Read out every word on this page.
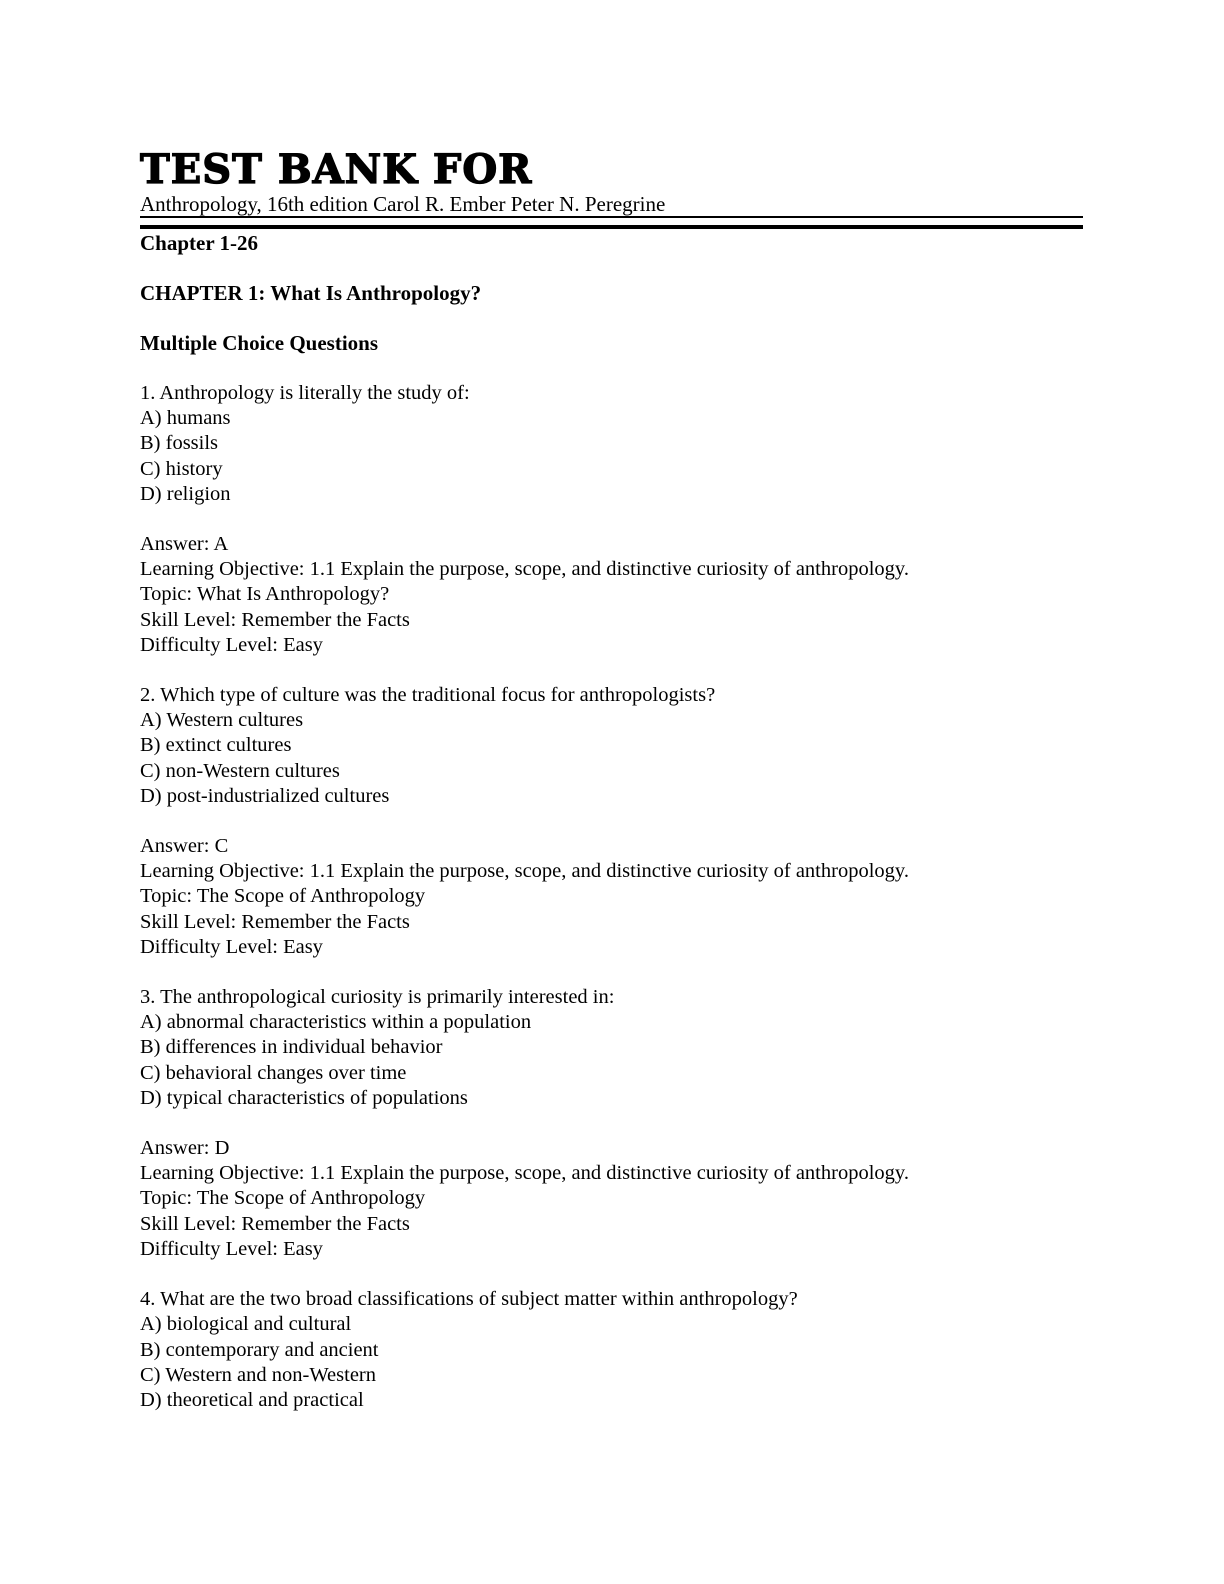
TEST BANK FOR
Anthropology, 16th edition Carol R. Ember Peter N. Peregrine
Chapter 1-26
CHAPTER 1: What Is Anthropology?
Multiple Choice Questions
1. Anthropology is literally the study of:
A) humans
B) fossils
C) history
D) religion
Answer: A
Learning Objective: 1.1 Explain the purpose, scope, and distinctive curiosity of anthropology.
Topic: What Is Anthropology?
Skill Level: Remember the Facts
Difficulty Level: Easy
2. Which type of culture was the traditional focus for anthropologists?
A) Western cultures
B) extinct cultures
C) non-Western cultures
D) post-industrialized cultures
Answer: C
Learning Objective: 1.1 Explain the purpose, scope, and distinctive curiosity of anthropology.
Topic: The Scope of Anthropology
Skill Level: Remember the Facts
Difficulty Level: Easy
3. The anthropological curiosity is primarily interested in:
A) abnormal characteristics within a population
B) differences in individual behavior
C) behavioral changes over time
D) typical characteristics of populations
Answer: D
Learning Objective: 1.1 Explain the purpose, scope, and distinctive curiosity of anthropology.
Topic: The Scope of Anthropology
Skill Level: Remember the Facts
Difficulty Level: Easy
4. What are the two broad classifications of subject matter within anthropology?
A) biological and cultural
B) contemporary and ancient
C) Western and non-Western
D) theoretical and practical
